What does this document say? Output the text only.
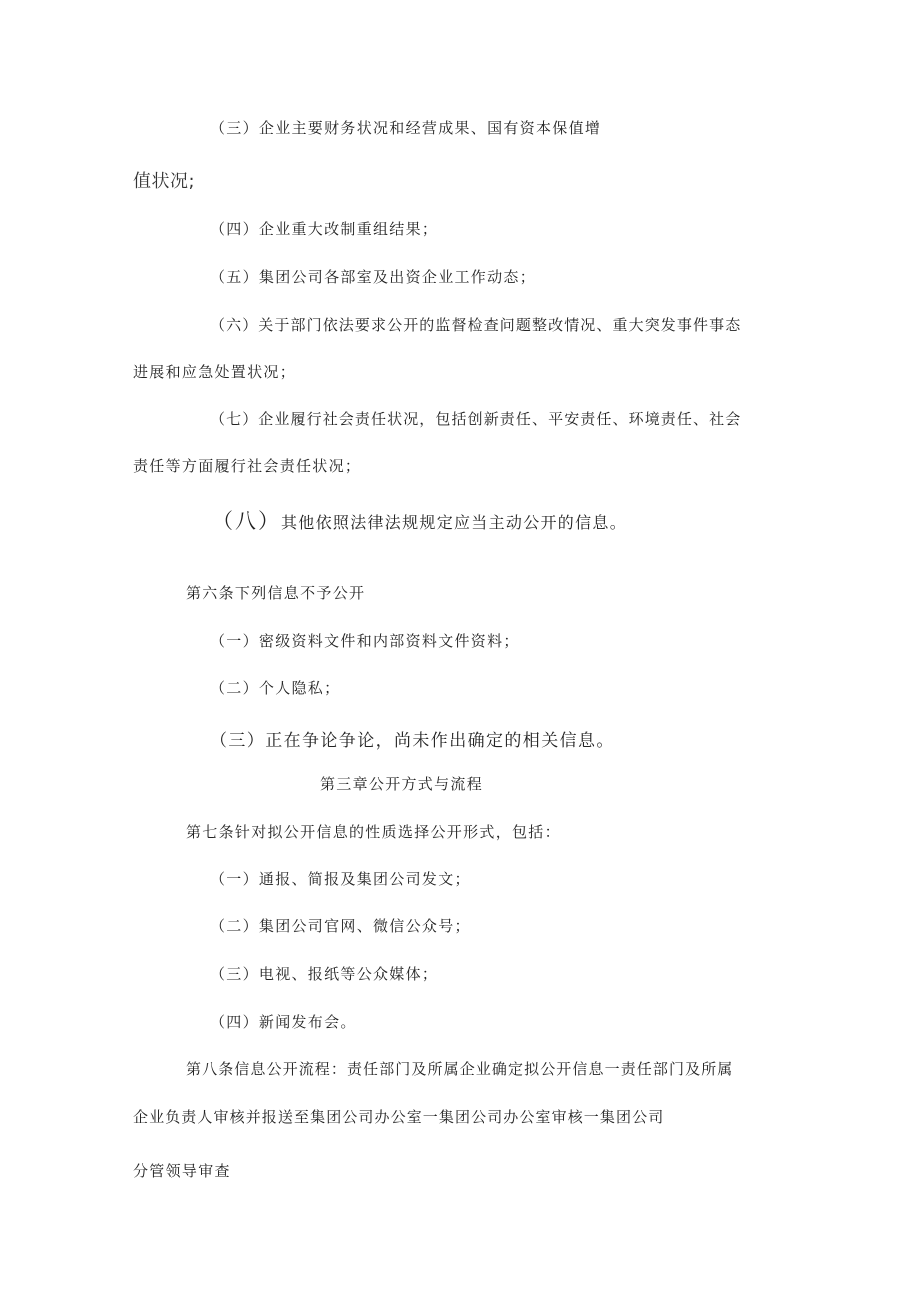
（三）企业主要财务状况和经营成果、国有资本保值增
值状况;
（四）企业重大改制重组结果；
（五）集团公司各部室及出资企业工作动态；
（六）关于部门依法要求公开的监督检查问题整改情况、重大突发事件事态
进展和应急处置状况；
（七）企业履行社会责任状况，包括创新责任、平安责任、环境责任、社会
责任等方面履行社会责任状况；
（八）其他依照法律法规规定应当主动公开的信息。
第六条下列信息不予公开
（一）密级资料文件和内部资料文件资料；
（二）个人隐私；
（三）正在争论争论，尚未作出确定的相关信息。
第三章公开方式与流程
第七条针对拟公开信息的性质选择公开形式，包括：
（一）通报、简报及集团公司发文；
（二）集团公司官网、微信公众号；
（三）电视、报纸等公众媒体；
（四）新闻发布会。
第八条信息公开流程：责任部门及所属企业确定拟公开信息一责任部门及所属
企业负责人审核并报送至集团公司办公室一集团公司办公室审核一集团公司
分管领导审查
